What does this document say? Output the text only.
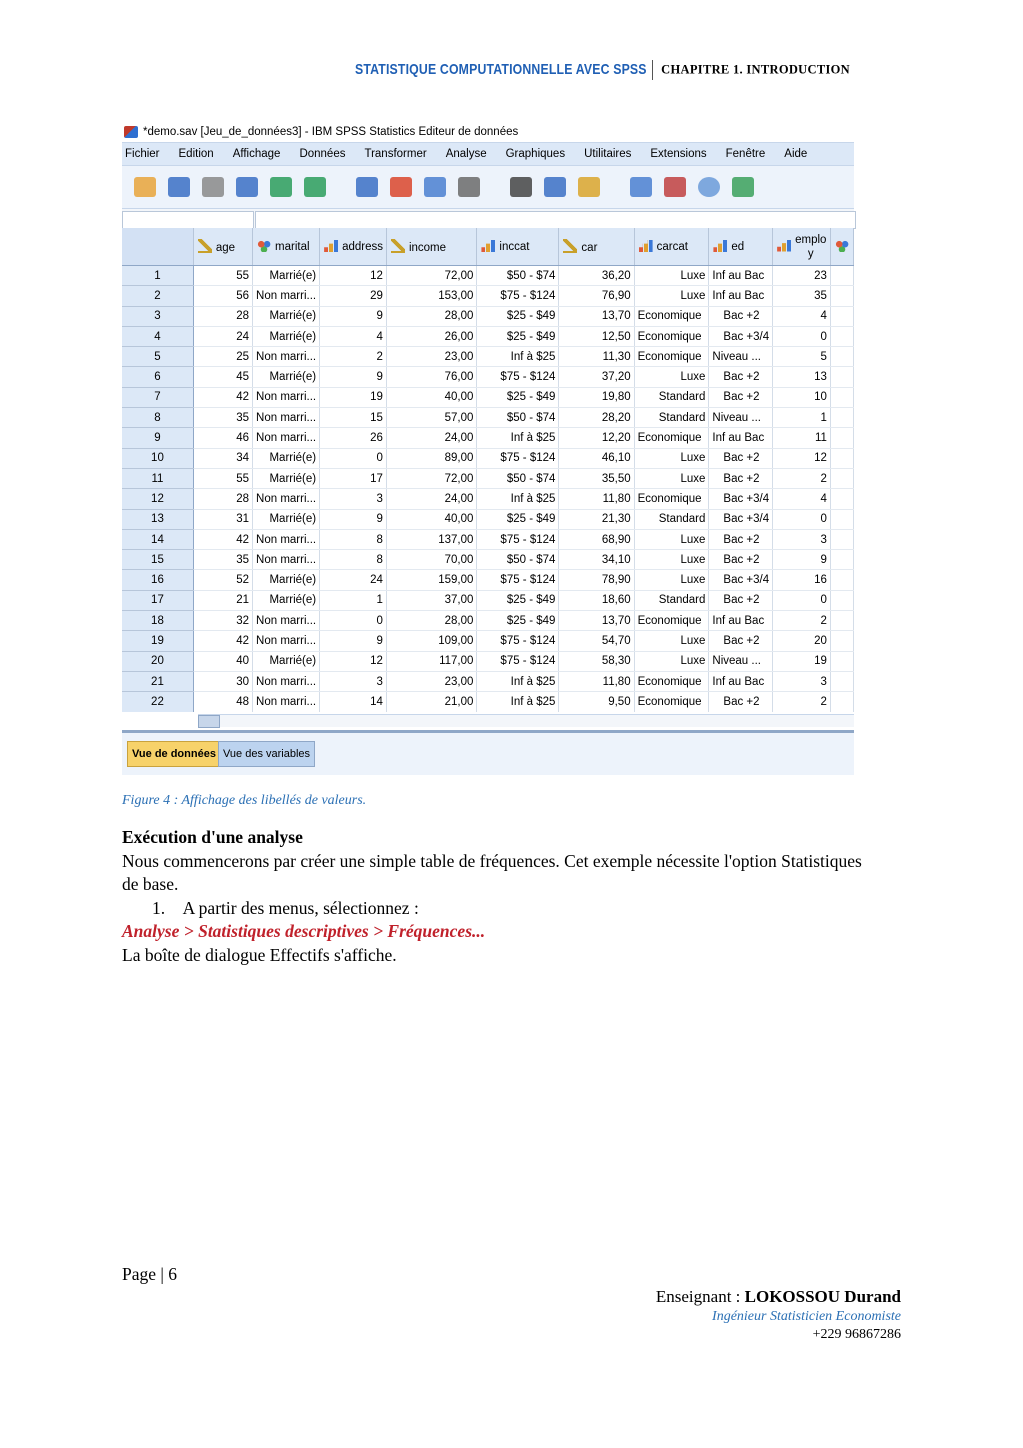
STATISTIQUE COMPUTATIONNELLE AVEC SPSS CHAPITRE 1. INTRODUCTION
*demo.sav [Jeu_de_données3] - IBM SPSS Statistics Editeur de données
Fichier	Edition	Affichage	Données	Transformer	Analyse	Graphiques	Utilitaires	Extensions	Fenêtre	Aide
	age	marital	address	income	inccat	car	carcat	ed	emplo
y	
1	55	Marrié(e)	12	72,00	$50 - $74	36,20	Luxe	Inf au Bac	23	
2	56	Non marri...	29	153,00	$75 - $124	76,90	Luxe	Inf au Bac	35	
3	28	Marrié(e)	9	28,00	$25 - $49	13,70	Economique	Bac +2	4	
4	24	Marrié(e)	4	26,00	$25 - $49	12,50	Economique	Bac +3/4	0	
5	25	Non marri...	2	23,00	Inf à $25	11,30	Economique	Niveau ...	5	
6	45	Marrié(e)	9	76,00	$75 - $124	37,20	Luxe	Bac +2	13	
7	42	Non marri...	19	40,00	$25 - $49	19,80	Standard	Bac +2	10	
8	35	Non marri...	15	57,00	$50 - $74	28,20	Standard	Niveau ...	1	
9	46	Non marri...	26	24,00	Inf à $25	12,20	Economique	Inf au Bac	11	
10	34	Marrié(e)	0	89,00	$75 - $124	46,10	Luxe	Bac +2	12	
11	55	Marrié(e)	17	72,00	$50 - $74	35,50	Luxe	Bac +2	2	
12	28	Non marri...	3	24,00	Inf à $25	11,80	Economique	Bac +3/4	4	
13	31	Marrié(e)	9	40,00	$25 - $49	21,30	Standard	Bac +3/4	0	
14	42	Non marri...	8	137,00	$75 - $124	68,90	Luxe	Bac +2	3	
15	35	Non marri...	8	70,00	$50 - $74	34,10	Luxe	Bac +2	9	
16	52	Marrié(e)	24	159,00	$75 - $124	78,90	Luxe	Bac +3/4	16	
17	21	Marrié(e)	1	37,00	$25 - $49	18,60	Standard	Bac +2	0	
18	32	Non marri...	0	28,00	$25 - $49	13,70	Economique	Inf au Bac	2	
19	42	Non marri...	9	109,00	$75 - $124	54,70	Luxe	Bac +2	20	
20	40	Marrié(e)	12	117,00	$75 - $124	58,30	Luxe	Niveau ...	19	
21	30	Non marri...	3	23,00	Inf à $25	11,80	Economique	Inf au Bac	3	
22	48	Non marri...	14	21,00	Inf à $25	9,50	Economique	Bac +2	2	
Vue de données Vue des variables
Figure 4 : Affichage des libellés de valeurs.
Exécution d'une analyse
Nous commencerons par créer une simple table de fréquences. Cet exemple nécessite l'option Statistiques de base.
1. A partir des menus, sélectionnez :
Analyse > Statistiques descriptives > Fréquences...
La boîte de dialogue Effectifs s'affiche.
Page | 6
Enseignant : LOKOSSOU Durand
Ingénieur Statisticien Economiste
+229 96867286
